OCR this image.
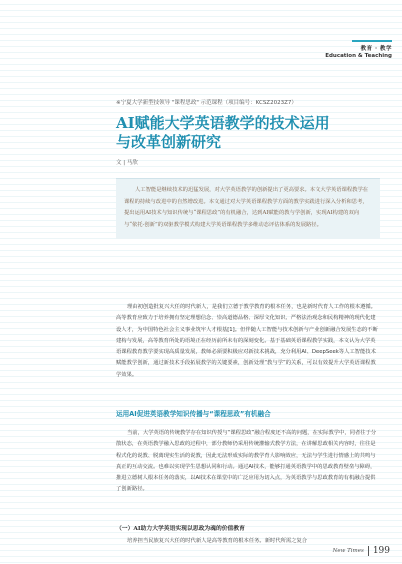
教育 · 教学
Education & Teaching
※宁夏大学新型技领导 "课程思政" 示范课程（项目编号：KCSZ2023Z7）
AI赋能大学英语教学的技术运用
与改革创新研究
文 | 马欣
人工智能是继续技术的迅猛发展，对大学英语教学的创新提出了更高要求。本文大学英语课程教学在课程的持续与改进中的自然增改进。本文通过对大学英语课程教学方面的教学实践进行深入分析和思考，提出运用AI技术与知识传统与“课程思政”的有机融合，达到AI赋能的教与学创新，实现AI构建的双向与“依托-创新”的双驱教学模式构建大学英语课程教学多维动态评估体系的发展路径。
理由初创造批复兴大任的时代新人，是我们立德于教学教育的根本任务，也是新时代育人工作的根本遵循。高等教育应致力于培养拥有坚定理想信念、崇高道德品格、深厚文化知识、严格法治观念和民构精神的现代化建设人才，为中国特色社会主义事业筑牢人才根基[1]。但伴随人工智能与技术创新与产业创新融合发展生态的不断建构与发展，高等教育所处的语境正在经历前所未有的深刻变化。基于基础英语课程教学实践，本文认为大学英语课程教育教学要实现高质量发展，教师必须要积极应对新技术挑战，充分利用AI、DeepSeek等人工智能技术赋能教学创新，通过新技术手段拓展教学的关键要素，创新处理“教与学”的关系，可以有效提升大学英语课程教学效果。
运用AI促进英语教学知识传播与“课程思政”有机融合
当前，大学英语的传统教学存在知识传授与“课程思政”融合程度还不高的问题，在实际教学中，同者往于分散状态，在英语教学融入思政的过程中，部分教师仍采用传统灌输式教学方法，在讲解思政相关内容时，往往是程式化的说教、脱离现实生活的说教，因此无法形成实际的教学育人影响效应，无法与学生进行情感上的共鸣与真正的互动交流。也难以实现学生思想认同和行动。通过AI技术，能够打通英语教学中的思政教育壁垒与障碍，推进立德树人根本任务的落实，以AI技术在课堂中的广泛应用为切入点，为英语教学与思政教育的有机融合提供了创新路径。
（一）AI助力大学英语实现以思政为魂的价值教育
培养担当民族复兴大任的时代新人是高等教育的根本任务。新时代所需之复合
New Times 199
